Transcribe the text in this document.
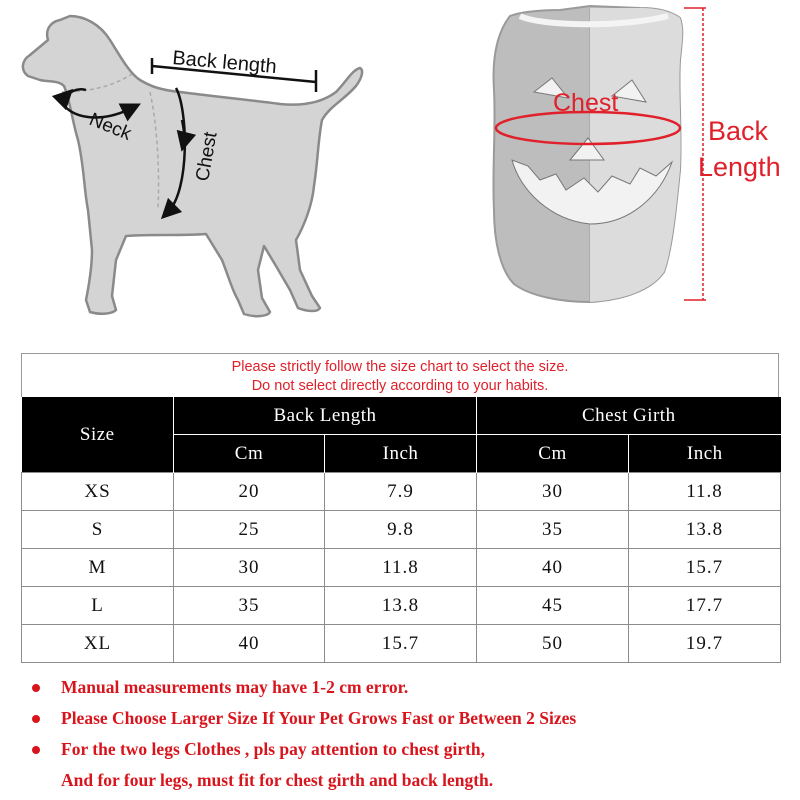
Back length
Neck
Chest
Chest
Back
Length
Please strictly follow the size chart to select the size.
Do not select directly according to your habits.
Size	Back Length		Chest Girth	
	Cm	Inch	Cm	Inch
XS	20	7.9	30	11.8
S	25	9.8	35	13.8
M	30	11.8	40	15.7
L	35	13.8	45	17.7
XL	40	15.7	50	19.7
Manual measurements may have 1-2 cm error.
Please Choose Larger Size If Your Pet Grows Fast or Between 2 Sizes
For the two legs Clothes , pls pay attention to chest girth,
And for four legs, must fit for chest girth and back length.
